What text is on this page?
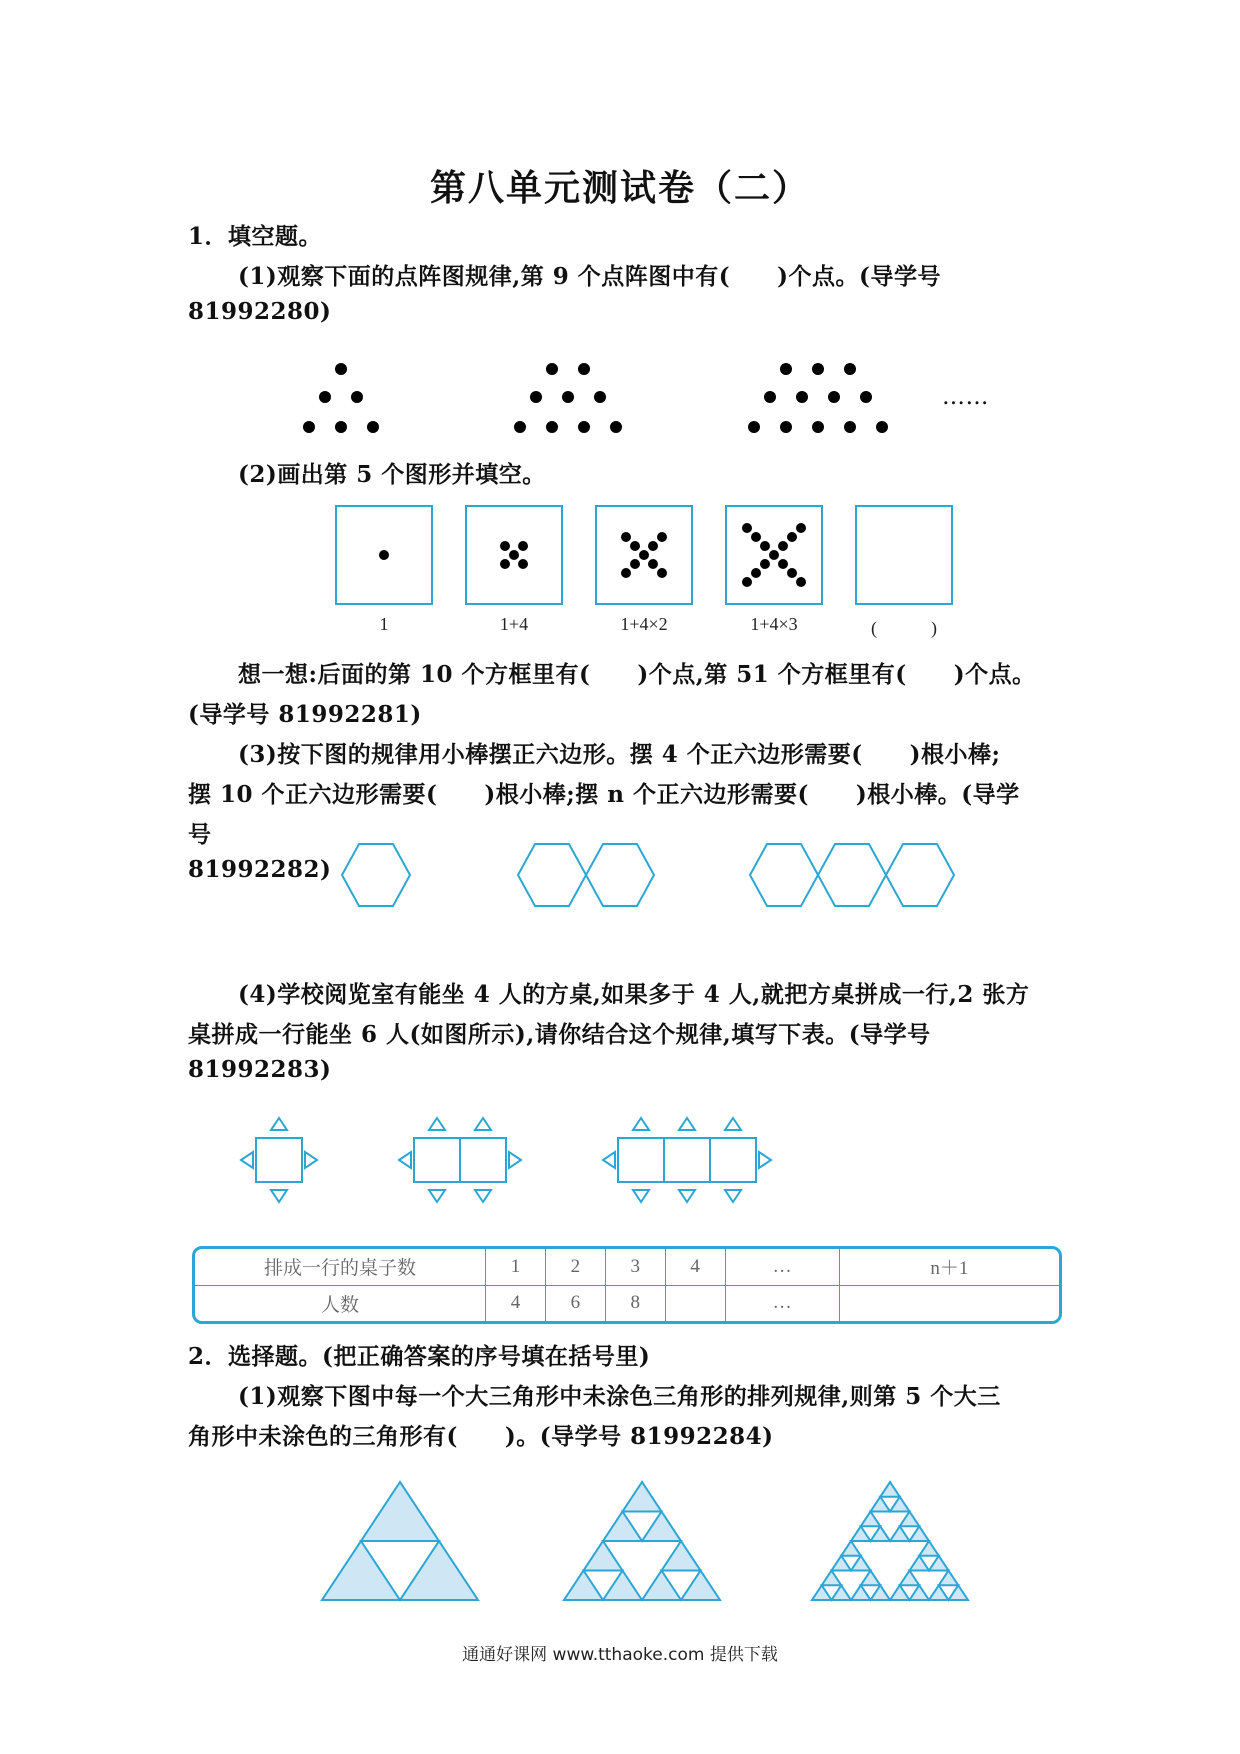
第八单元测试卷（二）
1．填空题。
(1)观察下面的点阵图规律,第 9 个点阵图中有(　　)个点。(导学号
81992280)
……
(2)画出第 5 个图形并填空。
1	1+4	1+4×2	1+4×3	(　　　)
想一想:后面的第 10 个方框里有(　　)个点,第 51 个方框里有(　　)个点。
(导学号 81992281)
(3)按下图的规律用小棒摆正六边形。摆 4 个正六边形需要(　　)根小棒;
摆 10 个正六边形需要(　　)根小棒;摆 n 个正六边形需要(　　)根小棒。(导学
号
81992282)
(4)学校阅览室有能坐 4 人的方桌,如果多于 4 人,就把方桌拼成一行,2 张方
桌拼成一行能坐 6 人(如图所示),请你结合这个规律,填写下表。(导学号
81992283)
排成一行的桌子数	1	2	3	4	…	n＋1
人数	4	6	8		…	
2．选择题。(把正确答案的序号填在括号里)
(1)观察下图中每一个大三角形中未涂色三角形的排列规律,则第 5 个大三
角形中未涂色的三角形有(　　)。(导学号 81992284)
通通好课网 www.tthaoke.com 提供下载
